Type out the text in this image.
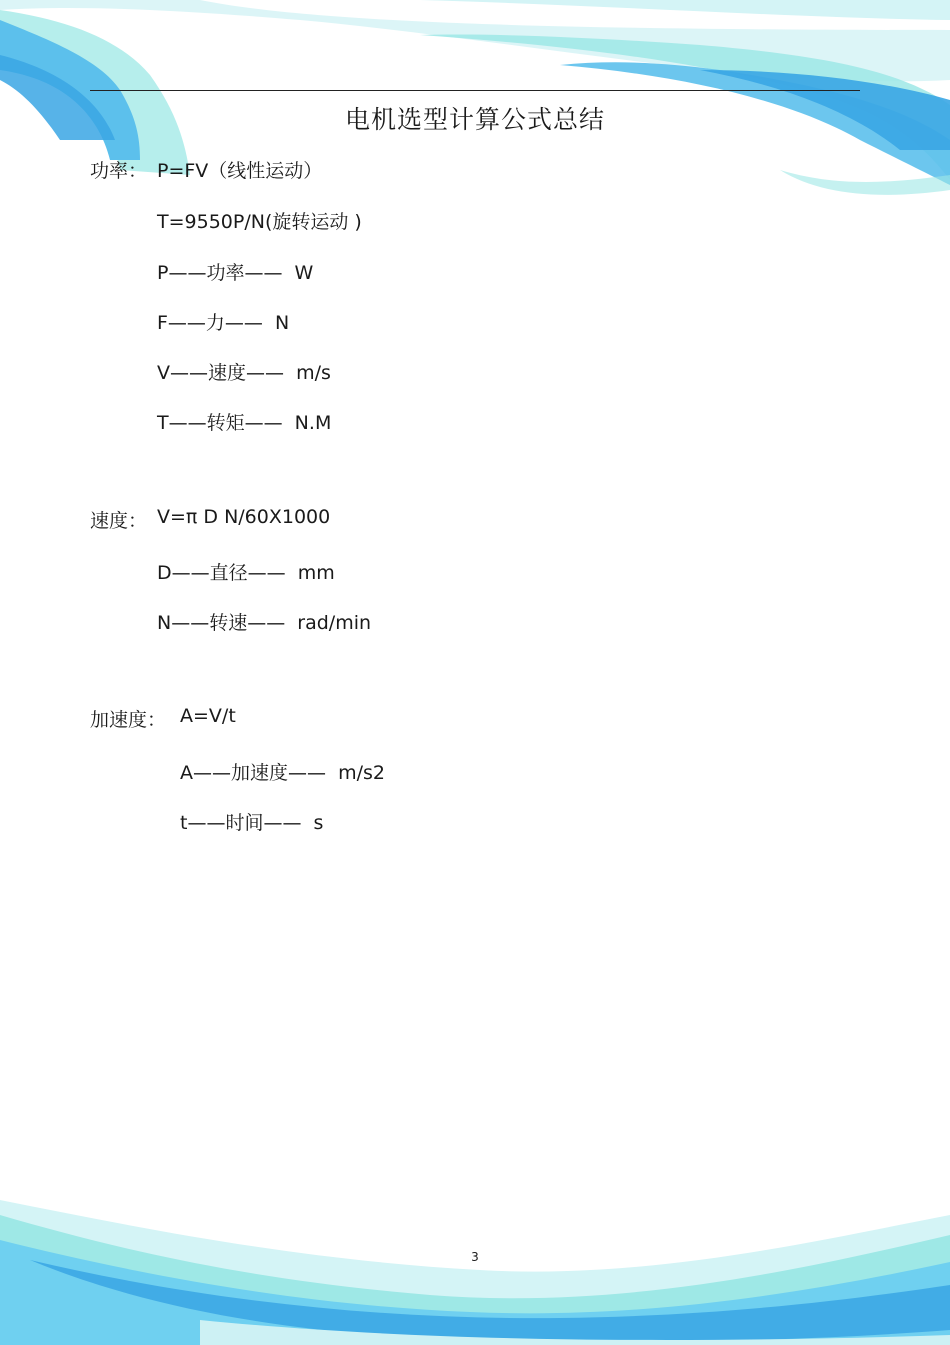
电机选型计算公式总结
功率： P=FV（线性运动）
T=9550P/N(旋转运动 )
P——功率——  W
F——力——  N
V——速度——  m/s
T——转矩——  N.M
速度： V=π D N/60X1000
D——直径——  mm
N——转速——  rad/min
加速度： A=V/t
A——加速度——  m/s2
t——时间——  s
3
